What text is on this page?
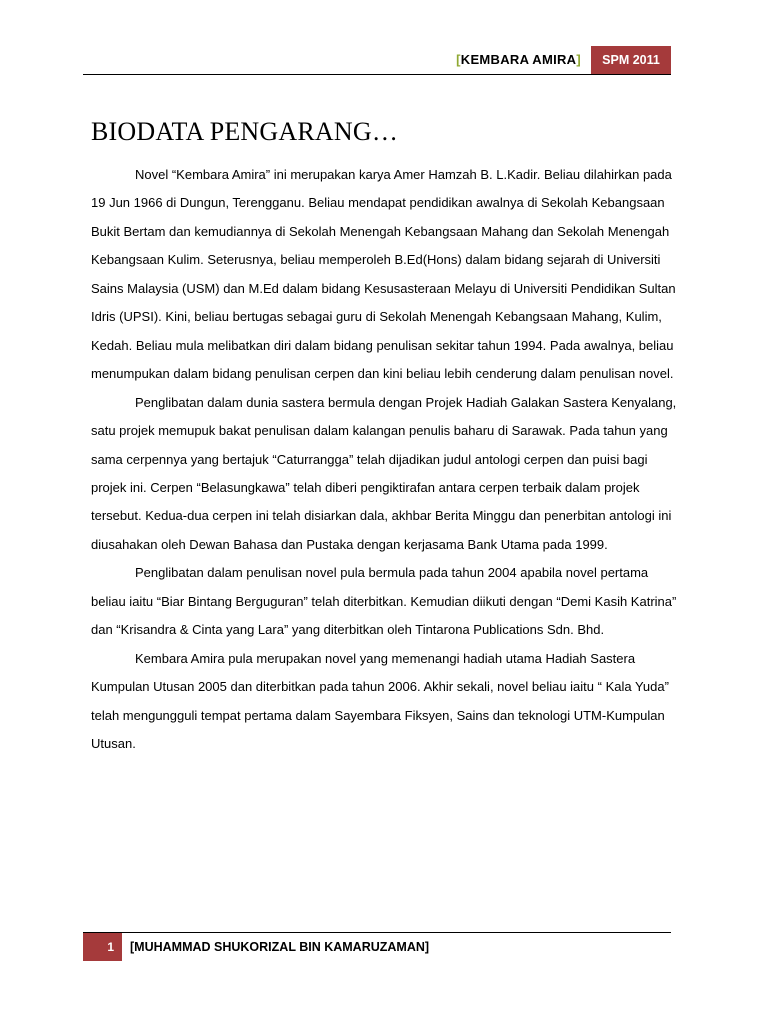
[KEMBARA AMIRA]	SPM 2011
BIODATA PENGARANG…

Novel “Kembara Amira” ini merupakan karya Amer Hamzah B. L.Kadir. Beliau dilahirkan pada 19 Jun 1966 di Dungun, Terengganu. Beliau mendapat pendidikan awalnya di Sekolah Kebangsaan Bukit Bertam dan kemudiannya di Sekolah Menengah Kebangsaan Mahang dan Sekolah Menengah Kebangsaan Kulim. Seterusnya, beliau memperoleh B.Ed(Hons) dalam bidang sejarah di Universiti Sains Malaysia (USM) dan M.Ed dalam bidang Kesusasteraan Melayu di Universiti Pendidikan Sultan Idris (UPSI). Kini, beliau bertugas sebagai guru di Sekolah Menengah Kebangsaan Mahang, Kulim, Kedah. Beliau mula melibatkan diri dalam bidang penulisan sekitar tahun 1994. Pada awalnya, beliau menumpukan dalam bidang penulisan cerpen dan kini beliau lebih cenderung dalam penulisan novel.

Penglibatan dalam dunia sastera bermula dengan Projek Hadiah Galakan Sastera Kenyalang, satu projek memupuk bakat penulisan dalam kalangan penulis baharu di Sarawak. Pada tahun yang sama cerpennya yang bertajuk “Caturrangga” telah dijadikan judul antologi cerpen dan puisi bagi projek ini. Cerpen “Belasungkawa” telah diberi pengiktirafan antara cerpen terbaik dalam projek tersebut. Kedua-dua cerpen ini telah disiarkan dala, akhbar Berita Minggu dan penerbitan antologi ini diusahakan oleh Dewan Bahasa dan Pustaka dengan kerjasama Bank Utama pada 1999.

Penglibatan dalam penulisan novel pula bermula pada tahun 2004 apabila novel pertama beliau iaitu “Biar Bintang Berguguran” telah diterbitkan. Kemudian diikuti dengan “Demi Kasih Katrina” dan “Krisandra & Cinta yang Lara” yang diterbitkan oleh Tintarona Publications Sdn. Bhd.

Kembara Amira pula merupakan novel yang memenangi hadiah utama Hadiah Sastera Kumpulan Utusan 2005 dan diterbitkan pada tahun 2006. Akhir sekali, novel beliau iaitu “ Kala Yuda” telah mengungguli tempat pertama dalam Sayembara Fiksyen, Sains dan teknologi UTM-Kumpulan Utusan.

1	[MUHAMMAD SHUKORIZAL BIN KAMARUZAMAN]
